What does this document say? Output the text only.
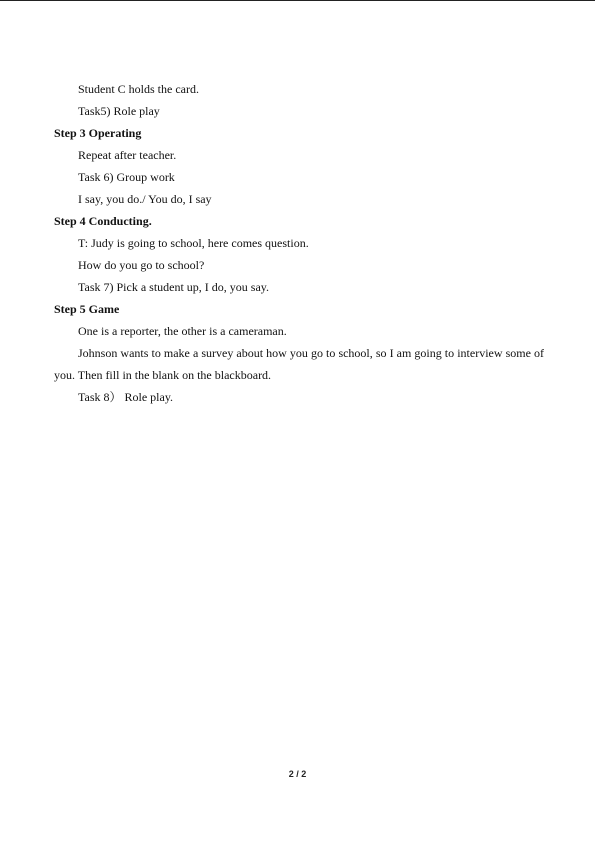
Student C holds the card.
Task5) Role play
Step 3 Operating
Repeat after teacher.
Task 6) Group work
I say, you do./ You do, I say
Step 4 Conducting.
T: Judy is going to school, here comes question.
How do you go to school?
Task 7) Pick a student up, I do, you say.
Step 5 Game
One is a reporter, the other is a cameraman.

Johnson wants to make a survey about how you go to school, so I am going to interview some of you. Then fill in the blank on the blackboard.

Task 8） Role play.
2 / 2
